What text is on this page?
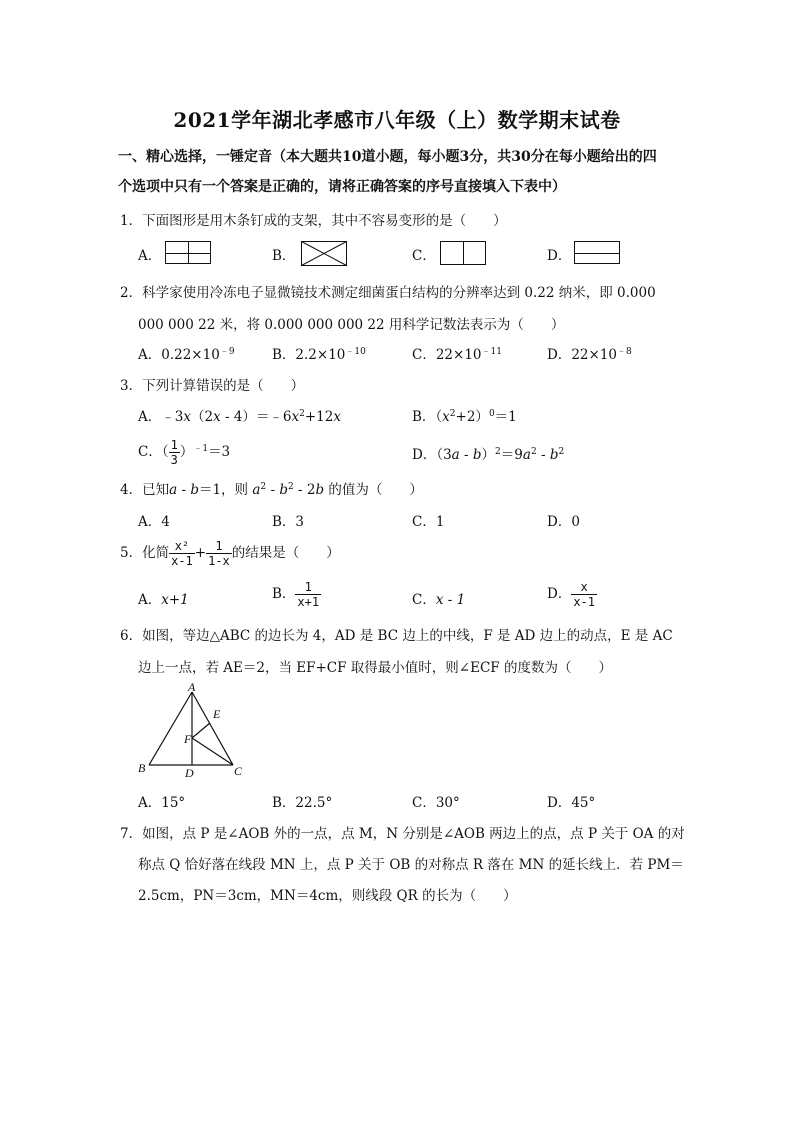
2021学年湖北孝感市八年级（上）数学期末试卷
一、精心选择，一锤定音（本大题共10道小题，每小题3分，共30分在每小题给出的四
个选项中只有一个答案是正确的，请将正确答案的序号直接填入下表中）
1．下面图形是用木条钉成的支架，其中不容易变形的是（　　）
A．	B．	C．	D．
2．科学家使用冷冻电子显微镜技术测定细菌蛋白结构的分辨率达到 0.22 纳米，即 0.000
000 000 22 米，将 0.000 000 000 22 用科学记数法表示为（　　）
A．$0.22\times 10^{﹣9}$	B．$2.2\times 10^{﹣10}$	C．$22\times 10^{﹣11}$	D．$22\times 10^{﹣8}$
3．下列计算错误的是（　　）
A．﹣3x（2x - $4)=﹣6x^2+12x$	B．$(x^2+2)^0=1$
C．（ $\frac{1}{3} )^{﹣1}=3$	D．$(3a - b)^2=9a^2 - b^2$
4．已知a - b＝1，则 $a^2 - b^2 - 2b$ 的值为（　　）
A．4	B．3	C．1	D．0
5．化简 $\frac{\text{x²}}{x-1} + \frac{1}{1-x}$ 的结果是（　　）
A．x+1	B． $\frac{1}{x+1}$	C．x - 1	D． $\frac{x}{x-1}$
6．如图，等边△ABC 的边长为 4，AD 是 BC 边上的中线，F 是 AD 边上的动点，E 是 AC
边上一点，若 AE＝2，当 EF+CF 取得最小值时，则∠ECF 的度数为（　　）
A
B	C
D
E
F
A．15°	B．22.5°	C．30°	D．45°
7．如图，点 P 是∠AOB 外的一点，点 M，N 分别是∠AOB 两边上的点，点 P 关于 OA 的对
称点 Q 恰好落在线段 MN 上，点 P 关于 OB 的对称点 R 落在 MN 的延长线上．若 PM＝
2.5cm，PN＝3cm，MN＝4cm，则线段 QR 的长为（　　）
